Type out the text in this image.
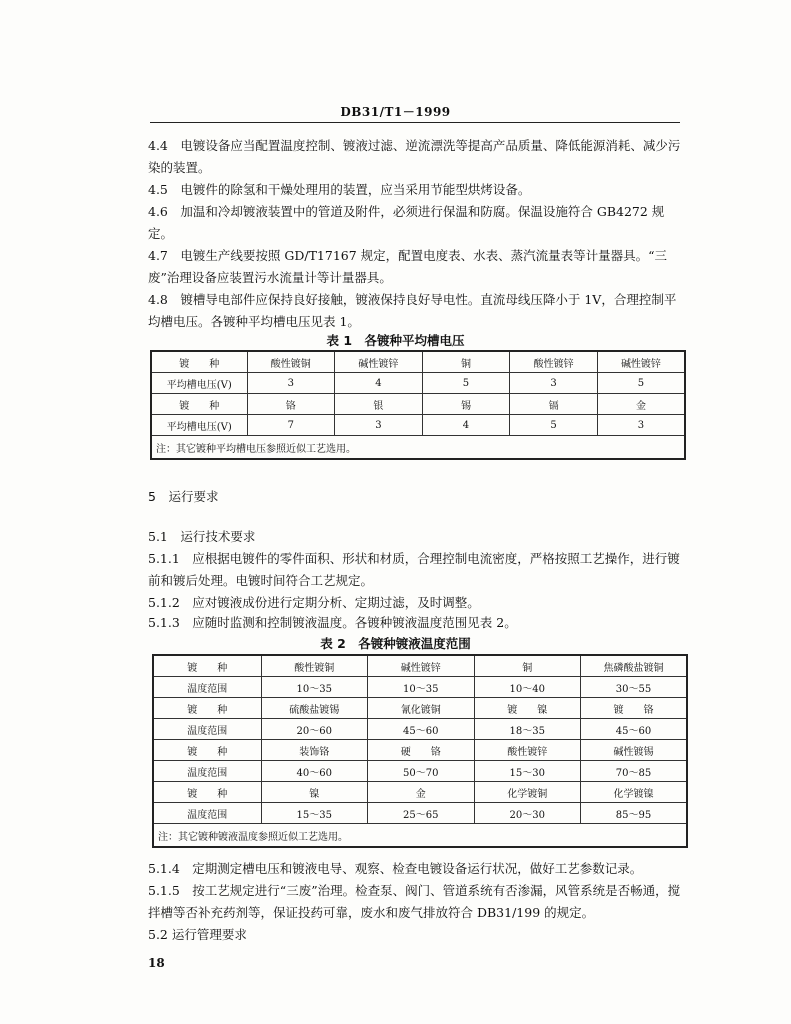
DB31/T1－1999

4.4　电镀设备应当配置温度控制、镀液过滤、逆流漂洗等提高产品质量、降低能源消耗、减少污染的装置。

4.5　电镀件的除氢和干燥处理用的装置，应当采用节能型烘烤设备。

4.6　加温和冷却镀液装置中的管道及附件，必须进行保温和防腐。保温设施符合 GB4272 规定。

4.7　电镀生产线要按照 GD/T17167 规定，配置电度表、水表、蒸汽流量表等计量器具。“三废”治理设备应装置污水流量计等计量器具。

4.8　镀槽导电部件应保持良好接触，镀液保持良好导电性。直流母线压降小于 1V，合理控制平均槽电压。各镀种平均槽电压见表 1。

表 1　各镀种平均槽电压
镀　　种	酸性镀铜	碱性镀锌	铜	酸性镀锌	碱性镀锌
平均槽电压(V)	3	4	5	3	5
镀　　种	铬	银	锡	镉	金
平均槽电压(V)	7	3	4	5	3
注：其它镀种平均槽电压参照近似工艺选用。					
5　运行要求

5.1　运行技术要求

5.1.1　应根据电镀件的零件面积、形状和材质，合理控制电流密度，严格按照工艺操作，进行镀前和镀后处理。电镀时间符合工艺规定。

5.1.2　应对镀液成份进行定期分析、定期过滤，及时调整。

5.1.3　应随时监测和控制镀液温度。各镀种镀液温度范围见表 2。

表 2　各镀种镀液温度范围
镀　　种	酸性镀铜	碱性镀锌	铜	焦磷酸盐镀铜
温度范围	10～35	10～35	10～40	30～55
镀　　种	硫酸盐镀锡	氰化镀铜	镀　　镍	镀　　铬
温度范围	20～60	45～60	18～35	45～60
镀　　种	装饰铬	硬　　铬	酸性镀锌	碱性镀锡
温度范围	40～60	50～70	15～30	70～85
镀　　种	镍	金	化学镀铜	化学镀镍
温度范围	15～35	25～65	20～30	85～95
注：其它镀种镀液温度参照近似工艺选用。				

5.1.4　定期测定槽电压和镀液电导、观察、检查电镀设备运行状况，做好工艺参数记录。

5.1.5　按工艺规定进行“三废”治理。检查泵、阀门、管道系统有否渗漏，风管系统是否畅通，搅拌槽等否补充药剂等，保证投药可靠，废水和废气排放符合 DB31/199 的规定。

5.2 运行管理要求

18
